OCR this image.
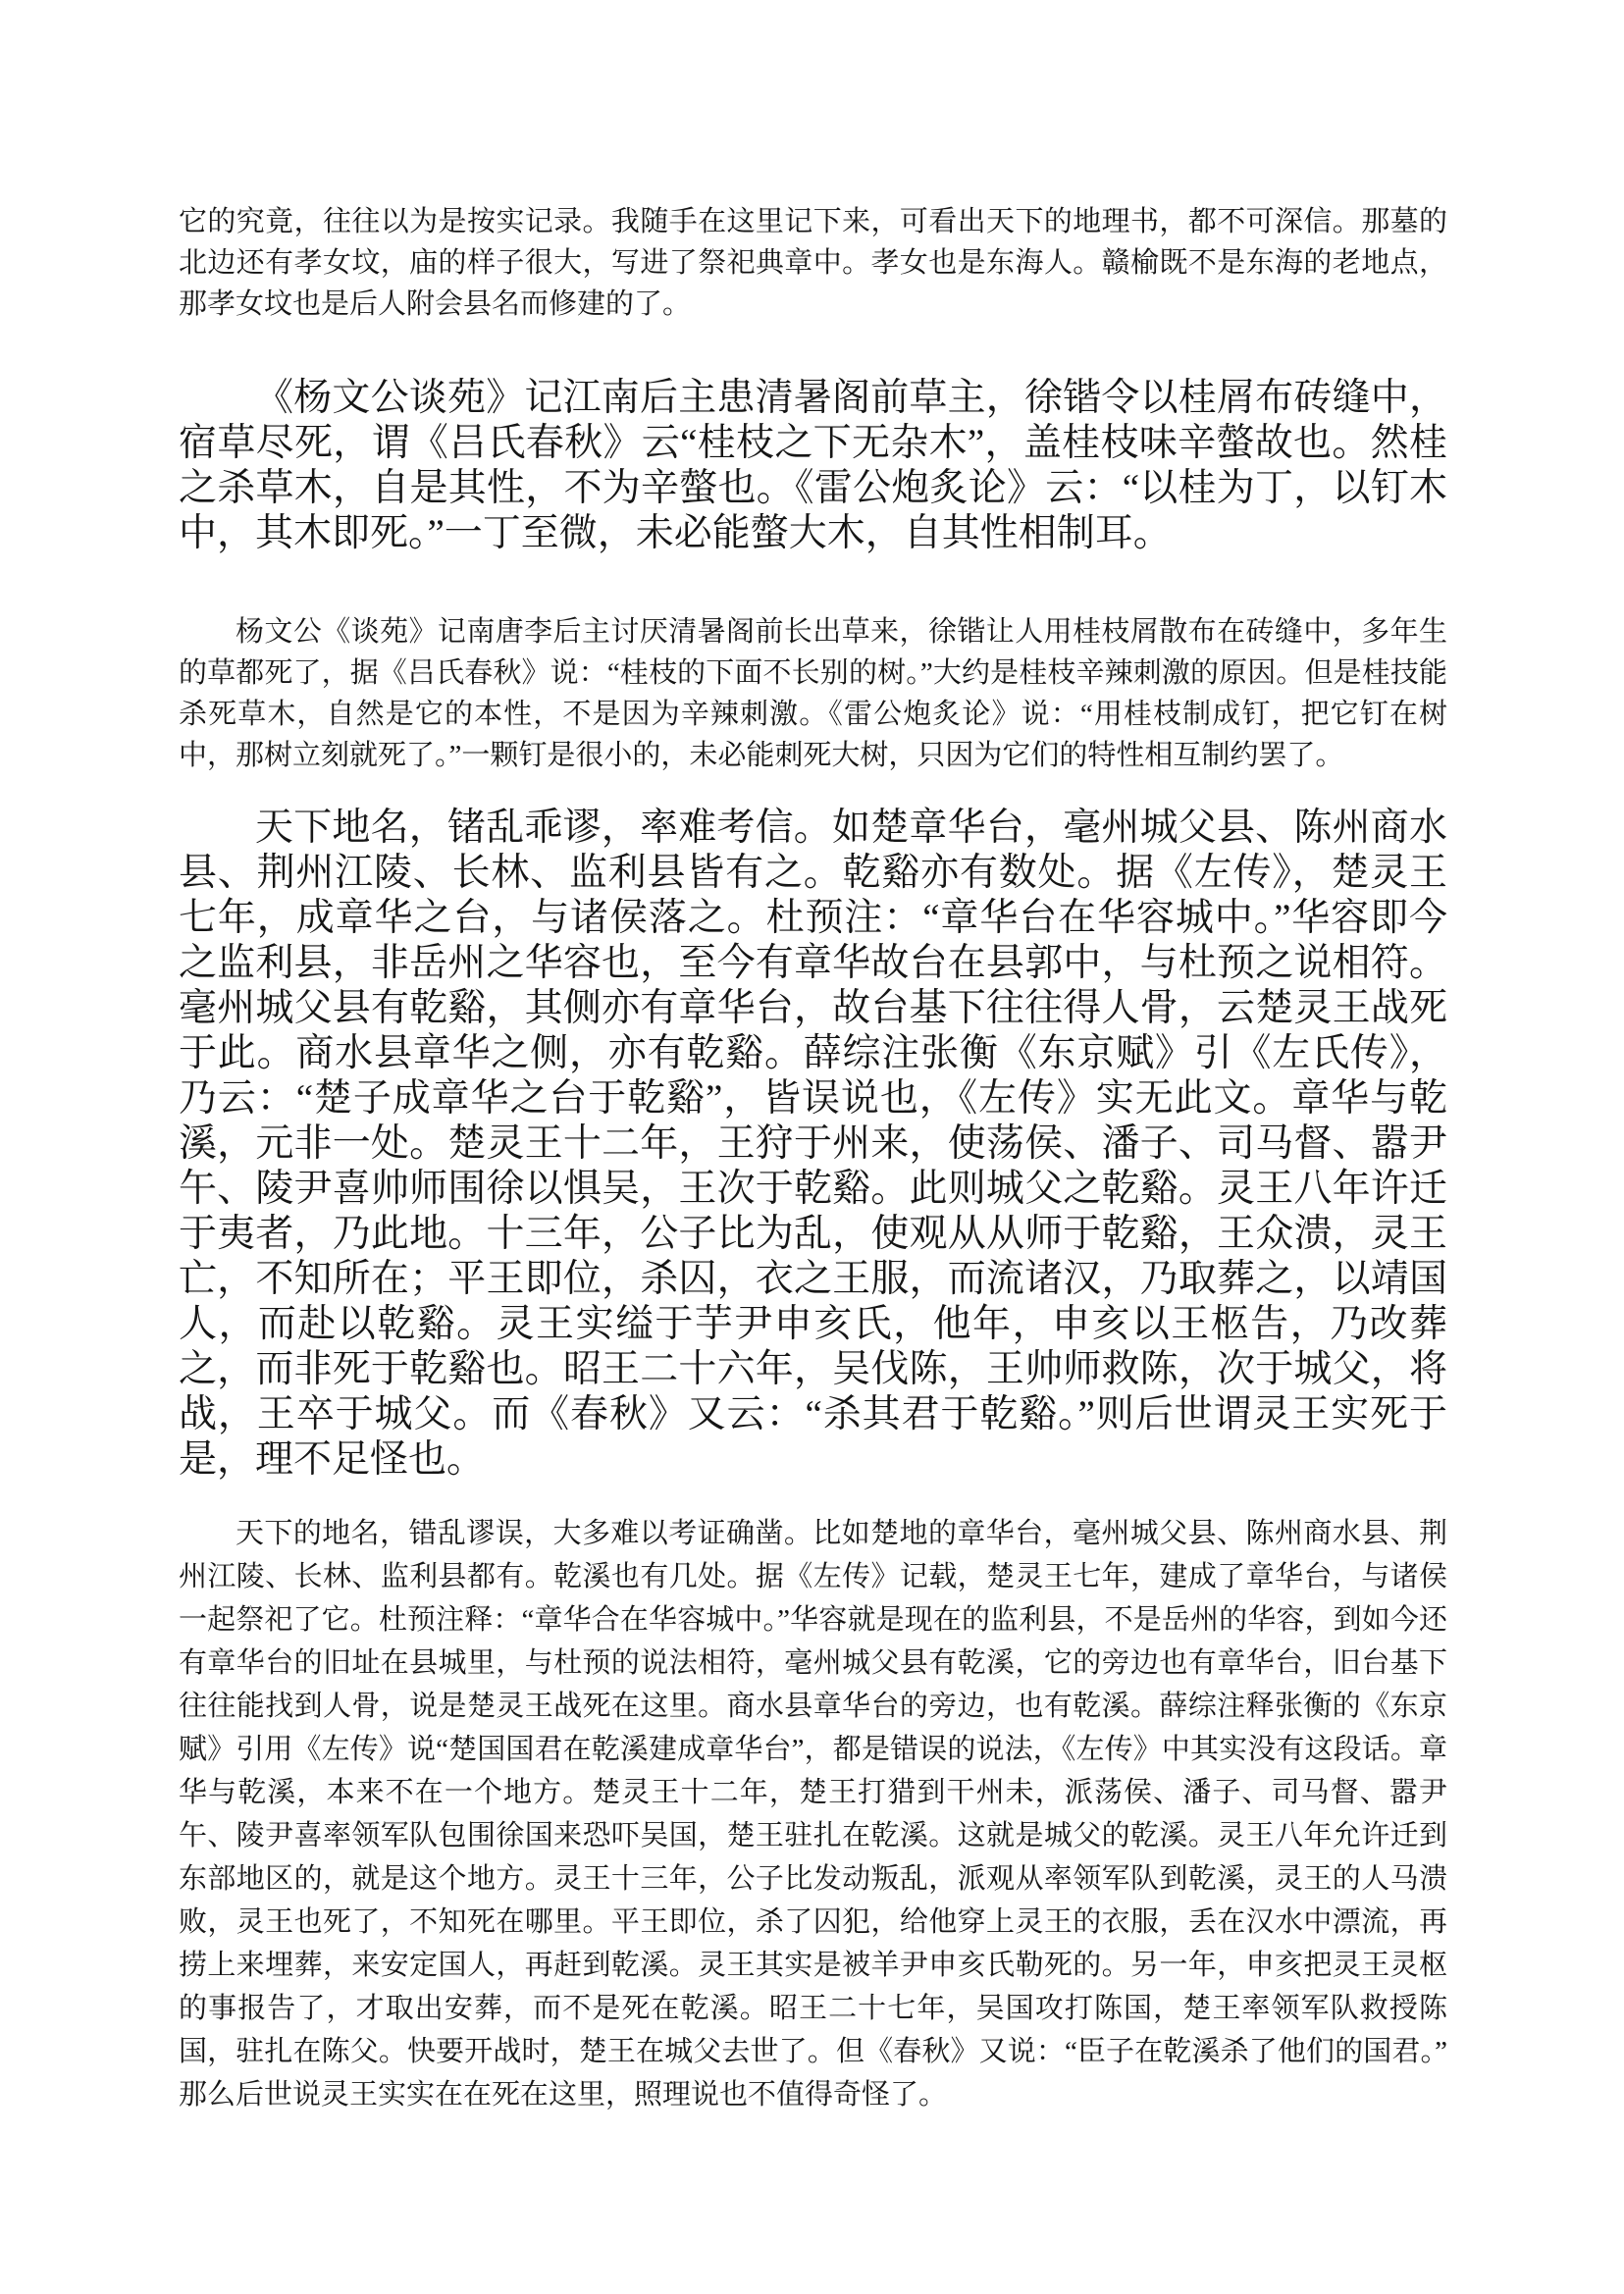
它的究竟，往往以为是按实记录。我随手在这里记下来，可看出天下的地理书，都不可深信。那墓的北边还有孝女坟，庙的样子很大，写进了祭祀典章中。孝女也是东海人。赣榆既不是东海的老地点，那孝女坟也是后人附会县名而修建的了。

《杨文公谈苑》记江南后主患清暑阁前草主，徐锴令以桂屑布砖缝中，宿草尽死，谓《吕氏春秋》云“桂枝之下无杂木”，盖桂枝味辛螫故也。然桂之杀草木，自是其性，不为辛螫也。《雷公炮炙论》云：“以桂为丁，以钉木中，其木即死。”一丁至微，未必能螫大木，自其性相制耳。

杨文公《谈苑》记南唐李后主讨厌清暑阁前长出草来，徐锴让人用桂枝屑散布在砖缝中，多年生的草都死了，据《吕氏春秋》说：“桂枝的下面不长别的树。”大约是桂枝辛辣刺激的原因。但是桂技能杀死草木，自然是它的本性，不是因为辛辣刺激。《雷公炮炙论》说：“用桂枝制成钉，把它钉在树中，那树立刻就死了。”一颗钉是很小的，未必能刺死大树，只因为它们的特性相互制约罢了。

天下地名，锗乱乖谬，率难考信。如楚章华台，毫州城父县、陈州商水县、荆州江陵、长林、监利县皆有之。乾谿亦有数处。据《左传》，楚灵王七年，成章华之台，与诸侯落之。杜预注：“章华台在华容城中。”华容即今之监利县，非岳州之华容也，至今有章华故台在县郭中，与杜预之说相符。毫州城父县有乾谿，其侧亦有章华台，故台基下往往得人骨，云楚灵王战死于此。商水县章华之侧，亦有乾谿。薛综注张衡《东京赋》引《左氏传》，乃云：“楚子成章华之台于乾谿”，皆误说也，《左传》实无此文。章华与乾溪，元非一处。楚灵王十二年，王狩于州来，使荡侯、潘子、司马督、嚣尹午、陵尹喜帅师围徐以惧吴，王次于乾谿。此则城父之乾谿。灵王八年许迁于夷者，乃此地。十三年，公子比为乱，使观从从师于乾谿，王众溃，灵王亡，不知所在；平王即位，杀囚，衣之王服，而流诸汉，乃取葬之，以靖国人，而赴以乾谿。灵王实缢于芋尹申亥氏，他年，申亥以王柩告，乃改葬之，而非死于乾谿也。昭王二十六年，吴伐陈，王帅师救陈，次于城父，将战，王卒于城父。而《春秋》又云：“杀其君于乾谿。”则后世谓灵王实死于是，理不足怪也。

天下的地名，错乱谬误，大多难以考证确凿。比如楚地的章华台，毫州城父县、陈州商水县、荆州江陵、长林、监利县都有。乾溪也有几处。据《左传》记载，楚灵王七年，建成了章华台，与诸侯一起祭祀了它。杜预注释：“章华合在华容城中。”华容就是现在的监利县，不是岳州的华容，到如今还有章华台的旧址在县城里，与杜预的说法相符，毫州城父县有乾溪，它的旁边也有章华台，旧台基下往往能找到人骨，说是楚灵王战死在这里。商水县章华台的旁边，也有乾溪。薛综注释张衡的《东京赋》引用《左传》说“楚国国君在乾溪建成章华台”，都是错误的说法，《左传》中其实没有这段话。章华与乾溪，本来不在一个地方。楚灵王十二年，楚王打猎到干州未，派荡侯、潘子、司马督、嚣尹午、陵尹喜率领军队包围徐国来恐吓吴国，楚王驻扎在乾溪。这就是城父的乾溪。灵王八年允许迁到东部地区的，就是这个地方。灵王十三年，公子比发动叛乱，派观从率领军队到乾溪，灵王的人马溃败，灵王也死了，不知死在哪里。平王即位，杀了囚犯，给他穿上灵王的衣服，丢在汉水中漂流，再捞上来埋葬，来安定国人，再赶到乾溪。灵王其实是被羊尹申亥氏勒死的。另一年，申亥把灵王灵枢的事报告了，才取出安葬，而不是死在乾溪。昭王二十七年，吴国攻打陈国，楚王率领军队救授陈国，驻扎在陈父。快要开战时，楚王在城父去世了。但《春秋》又说：“臣子在乾溪杀了他们的国君。”那么后世说灵王实实在在死在这里，照理说也不值得奇怪了。
